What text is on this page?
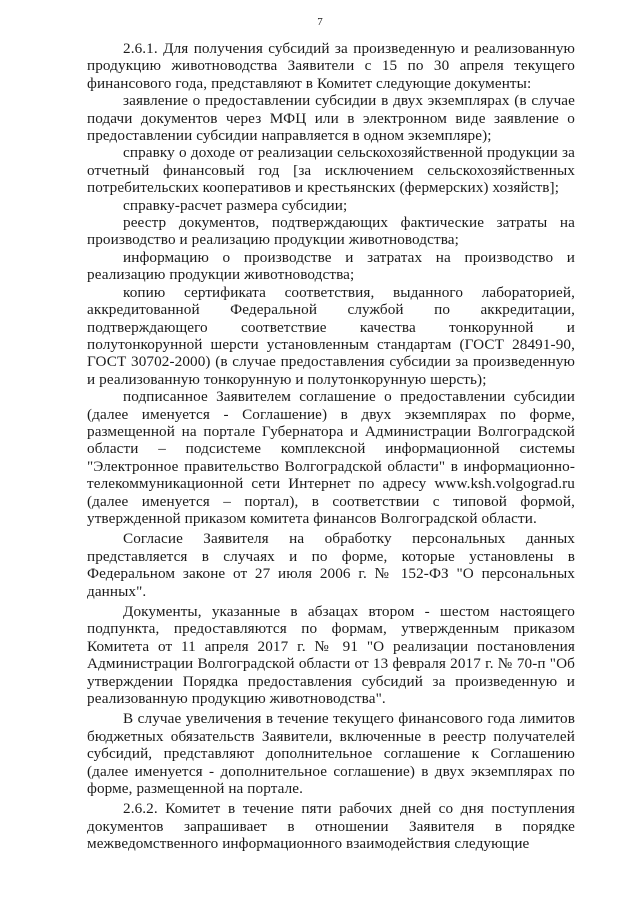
7

2.6.1. Для получения субсидий за произведенную и реализованную продукцию животноводства Заявители с 15 по 30 апреля текущего финансового года, представляют в Комитет следующие документы:

заявление о предоставлении субсидии в двух экземплярах (в случае подачи документов через МФЦ или в электронном виде заявление о предоставлении субсидии направляется в одном экземпляре);

справку о доходе от реализации сельскохозяйственной продукции за отчетный финансовый год [за исключением сельскохозяйственных потребительских кооперативов и крестьянских (фермерских) хозяйств];

справку-расчет размера субсидии;

реестр документов, подтверждающих фактические затраты на производство и реализацию продукции животноводства;

информацию о производстве и затратах на производство и реализацию продукции животноводства;

копию сертификата соответствия, выданного лабораторией, аккредитованной Федеральной службой по аккредитации, подтверждающего соответствие качества тонкорунной и полутонкорунной шерсти установленным стандартам (ГОСТ 28491-90, ГОСТ 30702-2000) (в случае предоставления субсидии за произведенную и реализованную тонкорунную и полутонкорунную шерсть);

подписанное Заявителем соглашение о предоставлении субсидии (далее именуется - Соглашение) в двух экземплярах по форме, размещенной на портале Губернатора и Администрации Волгоградской области – подсистеме комплексной информационной системы "Электронное правительство Волгоградской области" в информационно-телекоммуникационной сети Интернет по адресу www.ksh.volgograd.ru (далее именуется – портал), в соответствии с типовой формой, утвержденной приказом комитета финансов Волгоградской области.

Согласие Заявителя на обработку персональных данных представляется в случаях и по форме, которые установлены в Федеральном законе от 27 июля 2006 г. № 152-ФЗ "О персональных данных".

Документы, указанные в абзацах втором - шестом настоящего подпункта, предоставляются по формам, утвержденным приказом Комитета от 11 апреля 2017 г. № 91 "О реализации постановления Администрации Волгоградской области от 13 февраля 2017 г. № 70-п "Об утверждении Порядка предоставления субсидий за произведенную и реализованную продукцию животноводства".

В случае увеличения в течение текущего финансового года лимитов бюджетных обязательств Заявители, включенные в реестр получателей субсидий, представляют дополнительное соглашение к Соглашению (далее именуется - дополнительное соглашение) в двух экземплярах по форме, размещенной на портале.

2.6.2. Комитет в течение пяти рабочих дней со дня поступления документов запрашивает в отношении Заявителя в порядке межведомственного информационного взаимодействия следующие
